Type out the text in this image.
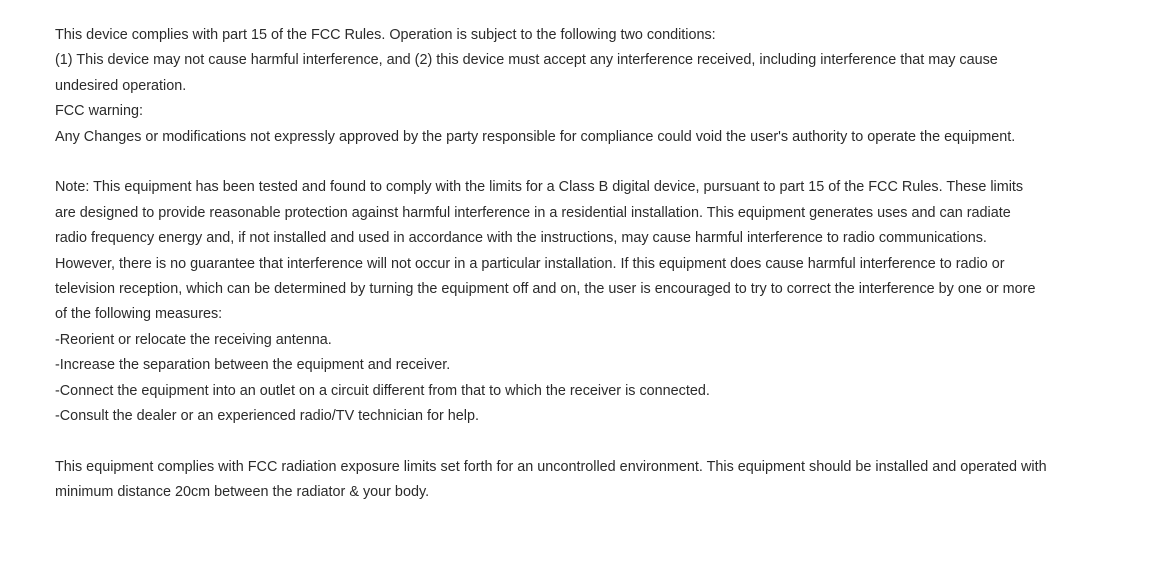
This device complies with part 15 of the FCC Rules. Operation is subject to the following two conditions:
(1) This device may not cause harmful interference, and (2) this device must accept any interference received, including interference that may cause
undesired operation.
FCC warning:
Any Changes or modifications not expressly approved by the party responsible for compliance could void the user's authority to operate the equipment.
Note: This equipment has been tested and found to comply with the limits for a Class B digital device, pursuant to part 15 of the FCC Rules. These limits
are designed to provide reasonable protection against harmful interference in a residential installation. This equipment generates uses and can radiate
radio frequency energy and, if not installed and used in accordance with the instructions, may cause harmful interference to radio communications.
However, there is no guarantee that interference will not occur in a particular installation. If this equipment does cause harmful interference to radio or
television reception, which can be determined by turning the equipment off and on, the user is encouraged to try to correct the interference by one or more
of the following measures:
-Reorient or relocate the receiving antenna.
-Increase the separation between the equipment and receiver.
-Connect the equipment into an outlet on a circuit different from that to which the receiver is connected.
-Consult the dealer or an experienced radio/TV technician for help.
This equipment complies with FCC radiation exposure limits set forth for an uncontrolled environment. This equipment should be installed and operated with
minimum distance 20cm between the radiator & your body.
